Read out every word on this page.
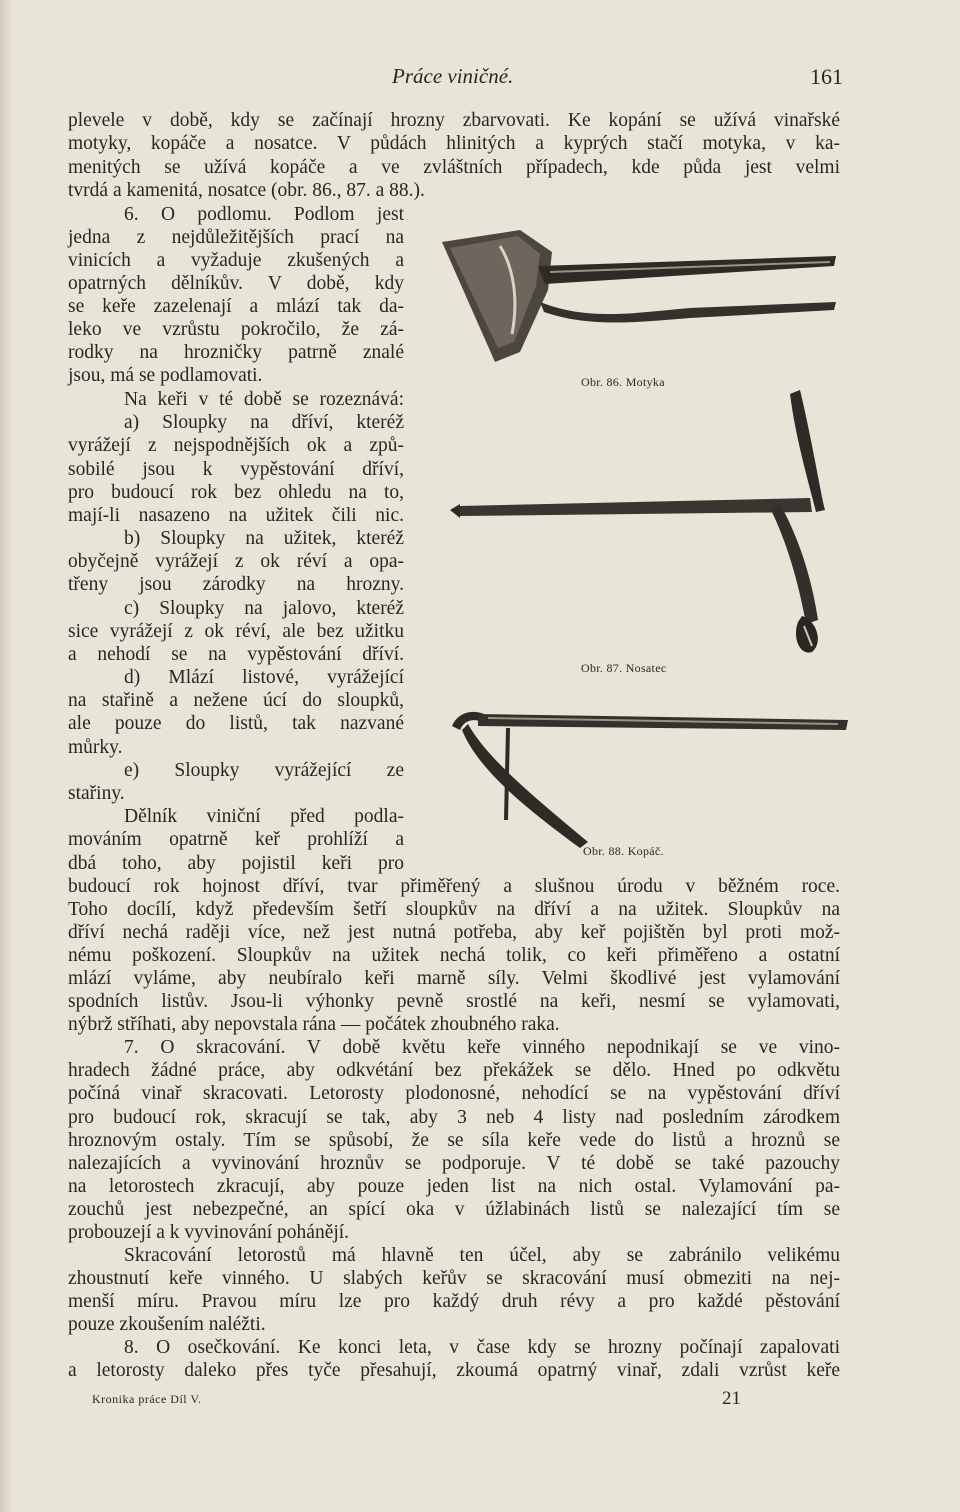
Práce viničné.	161
plevele v době, kdy se začínají hrozny zbarvovati. Ke kopání se užívá vinařské
motyky, kopáče a nosatce. V půdách hlinitých a kyprých stačí motyka, v ka-
menitých se užívá kopáče a ve zvláštních případech, kde půda jest velmi
tvrdá a kamenitá, nosatce (obr. 86., 87. a 88.).
6. O podlomu. Podlom jest
jedna z nejdůležitějších prací na
vinicích a vyžaduje zkušených a
opatrných dělníkův. V době, kdy
se keře zazelenají a mlází tak da-
leko ve vzrůstu pokročilo, že zá-
rodky na hrozničky patrně znalé
jsou, má se podlamovati.
Na keři v té době se rozeznává:
a) Sloupky na dříví, kteréž
vyrážejí z nejspodnějších ok a způ-
sobilé jsou k vypěstování dříví,
pro budoucí rok bez ohledu na to,
mají-li nasazeno na užitek čili nic.
b) Sloupky na užitek, kteréž
obyčejně vyrážejí z ok réví a opa-
třeny jsou zárodky na hrozny.
c) Sloupky na jalovo, kteréž
sice vyrážejí z ok réví, ale bez užitku
a nehodí se na vypěstování dříví.
d) Mlází listové, vyrážející
na stařině a nežene úcí do sloupků,
ale pouze do listů, tak nazvané
můrky.
e) Sloupky vyrážející ze
stařiny.
Dělník viniční před podla-
mováním opatrně keř prohlíží a
dbá toho, aby pojistil keři pro
budoucí rok hojnost dříví, tvar přiměřený a slušnou úrodu v běžném roce.
Toho docílí, když především šetří sloupkův na dříví a na užitek. Sloupkův na
dříví nechá raději více, než jest nutná potřeba, aby keř pojištěn byl proti mož-
nému poškození. Sloupkův na užitek nechá tolik, co keři přiměřeno a ostatní
mlází vylámе, aby neubíralo keři marně síly. Velmi škodlivé jest vylamování
spodních listův. Jsou-li výhonky pevně srostlé na keři, nesmí se vylamovati,
nýbrž stříhati, aby nepovstala rána — počátek zhoubného raka.
7. O skracování. V době květu keře vinného nepodnikají se ve vino-
hradech žádné práce, aby odkvétání bez překážek se dělo. Hned po odkvětu
počíná vinař skracovati. Letorosty plodonosné, nehodící se na vypěstování dříví
pro budoucí rok, skracují se tak, aby 3 neb 4 listy nad posledním zárodkem
hroznovým ostaly. Tím se spůsobí, že se síla keře vede do listů a hroznů se
nalezajících a vyvinování hroznův se podporuje. V té době se také pazouchy
na letorostech zkracují, aby pouze jeden list na nich ostal. Vylamování pa-
zouchů jest nebezpečné, an spící oka v úžlabinách listů se nalezající tím se
probouzejí a k vyvinování pohánějí.
Skracování letorostů má hlavně ten účel, aby se zabránilo velikému
zhoustnutí keře vinného. U slabých keřův se skracování musí obmeziti na nej-
menší míru. Pravou míru lze pro každý druh révy a pro každé pěstování
pouze zkoušením naléžti.
8. O osečkování. Ke konci leta, v čase kdy se hrozny počínají zapalovati
a letorosty daleko přes tyče přesahují, zkoumá opatrný vinař, zdali vzrůst keře
Obr. 86. Motyka
Obr. 87. Nosatec
Obr. 88. Kopáč.
Kronika práce Díl V.	21
